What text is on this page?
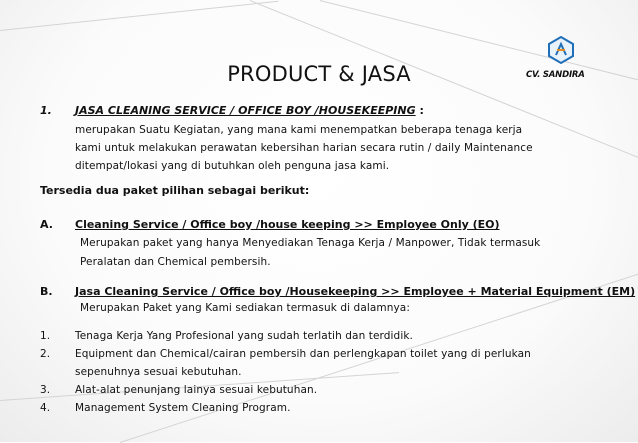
CV. SANDIRA
PRODUCT & JASA
1. JASA CLEANING SERVICE / OFFICE BOY /HOUSEKEEPING :
merupakan Suatu Kegiatan, yang mana kami menempatkan beberapa tenaga kerja
kami untuk melakukan perawatan kebersihan harian secara rutin / daily Maintenance
ditempat/lokasi yang di butuhkan oleh penguna jasa kami.
Tersedia dua paket pilihan sebagai berikut:
A. Cleaning Service / Office boy /house keeping >> Employee Only (EO)
Merupakan paket yang hanya Menyediakan Tenaga Kerja / Manpower, Tidak termasuk
Peralatan dan Chemical pembersih.
B. Jasa Cleaning Service / Office boy /Housekeeping >> Employee + Material Equipment (EM)
Merupakan Paket yang Kami sediakan termasuk di dalamnya:
1. Tenaga Kerja Yang Profesional yang sudah terlatih dan terdidik.
2. Equipment dan Chemical/cairan pembersih dan perlengkapan toilet yang di perlukan
sepenuhnya sesuai kebutuhan.
3. Alat-alat penunjang lainya sesuai kebutuhan.
4. Management System Cleaning Program.
